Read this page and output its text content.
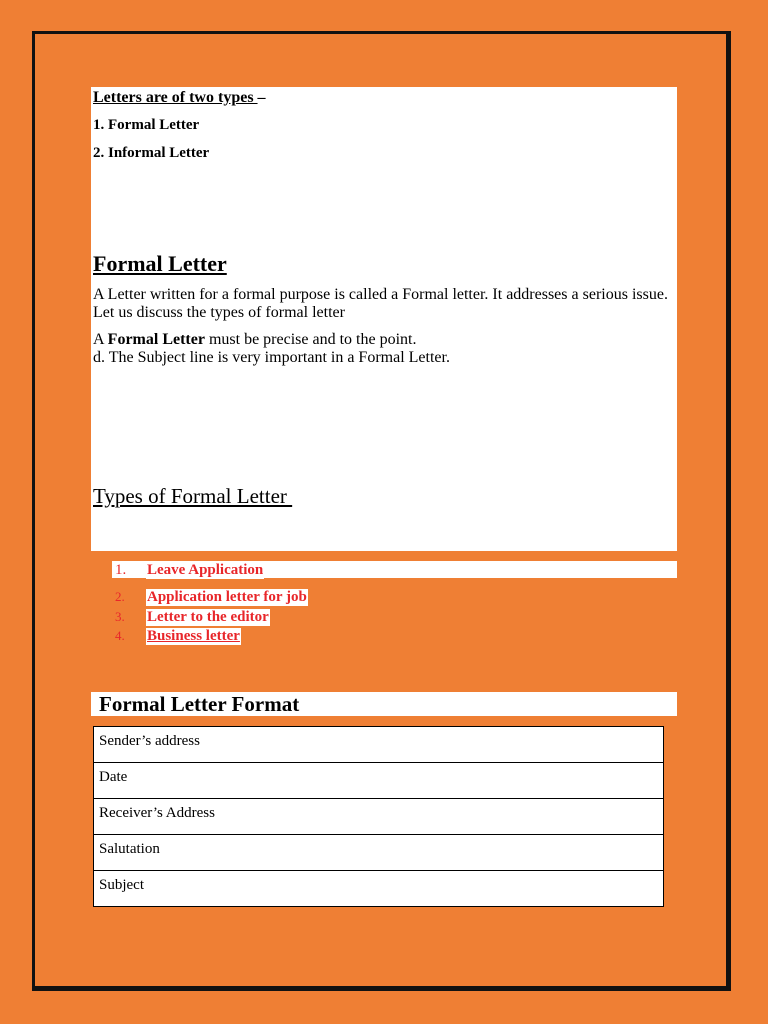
Letters are of two types –
1. Formal Letter
2. Informal Letter
Formal Letter
A Letter written for a formal purpose is called a Formal letter. It addresses a serious issue. Let us discuss the types of formal letter
A Formal Letter must be precise and to the point.
d. The Subject line is very important in a Formal Letter.
Types of Formal Letter
1. Leave Application
2. Application letter for job
3. Letter to the editor
4. Business letter
Formal Letter Format
Sender’s address
Date
Receiver’s Address
Salutation
Subject
